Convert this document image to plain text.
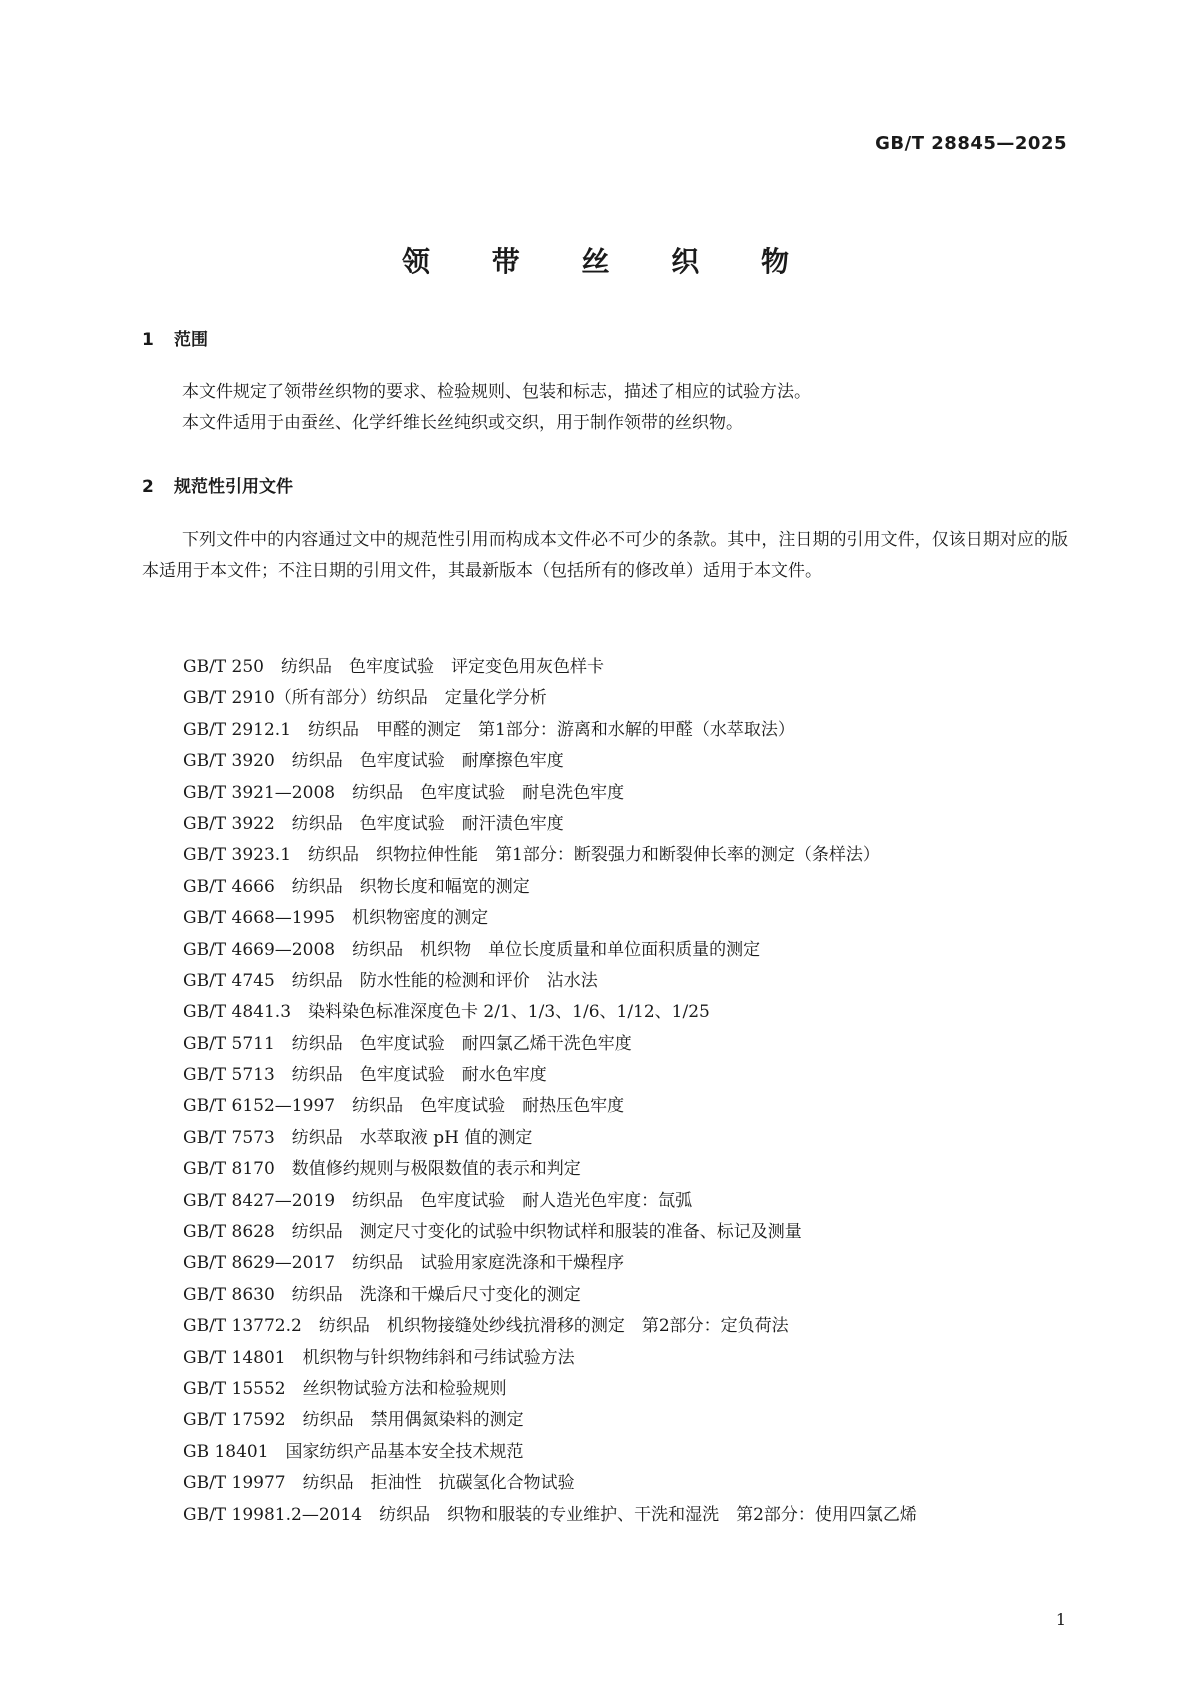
GB/T 28845—2025
领 带 丝 织 物
1 范围
本文件规定了领带丝织物的要求、检验规则、包装和标志，描述了相应的试验方法。
本文件适用于由蚕丝、化学纤维长丝纯织或交织，用于制作领带的丝织物。
2 规范性引用文件
下列文件中的内容通过文中的规范性引用而构成本文件必不可少的条款。其中，注日期的引用文件，仅该日期对应的版本适用于本文件；不注日期的引用文件，其最新版本（包括所有的修改单）适用于本文件。
GB/T 250　纺织品　色牢度试验　评定变色用灰色样卡
GB/T 2910（所有部分）纺织品　定量化学分析
GB/T 2912.1　纺织品　甲醛的测定　第1部分：游离和水解的甲醛（水萃取法）
GB/T 3920　纺织品　色牢度试验　耐摩擦色牢度
GB/T 3921—2008　纺织品　色牢度试验　耐皂洗色牢度
GB/T 3922　纺织品　色牢度试验　耐汗渍色牢度
GB/T 3923.1　纺织品　织物拉伸性能　第1部分：断裂强力和断裂伸长率的测定（条样法）
GB/T 4666　纺织品　织物长度和幅宽的测定
GB/T 4668—1995　机织物密度的测定
GB/T 4669—2008　纺织品　机织物　单位长度质量和单位面积质量的测定
GB/T 4745　纺织品　防水性能的检测和评价　沾水法
GB/T 4841.3　染料染色标准深度色卡 2/1、1/3、1/6、1/12、1/25
GB/T 5711　纺织品　色牢度试验　耐四氯乙烯干洗色牢度
GB/T 5713　纺织品　色牢度试验　耐水色牢度
GB/T 6152—1997　纺织品　色牢度试验　耐热压色牢度
GB/T 7573　纺织品　水萃取液 pH 值的测定
GB/T 8170　数值修约规则与极限数值的表示和判定
GB/T 8427—2019　纺织品　色牢度试验　耐人造光色牢度：氙弧
GB/T 8628　纺织品　测定尺寸变化的试验中织物试样和服装的准备、标记及测量
GB/T 8629—2017　纺织品　试验用家庭洗涤和干燥程序
GB/T 8630　纺织品　洗涤和干燥后尺寸变化的测定
GB/T 13772.2　纺织品　机织物接缝处纱线抗滑移的测定　第2部分：定负荷法
GB/T 14801　机织物与针织物纬斜和弓纬试验方法
GB/T 15552　丝织物试验方法和检验规则
GB/T 17592　纺织品　禁用偶氮染料的测定
GB 18401　国家纺织产品基本安全技术规范
GB/T 19977　纺织品　拒油性　抗碳氢化合物试验
GB/T 19981.2—2014　纺织品　织物和服装的专业维护、干洗和湿洗　第2部分：使用四氯乙烯
1
